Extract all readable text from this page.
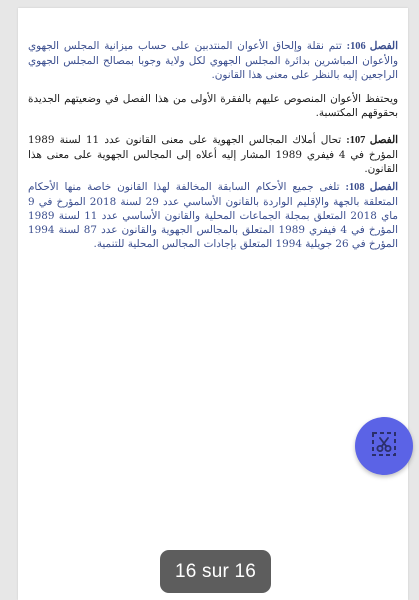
الفصل 106: تتم نقلة وإلحاق الأعوان المنتدبين على حساب ميزانية المجلس الجهوي والأعوان المباشرين بدائرة المجلس الجهوي لكل ولاية وجوبا بمصالح المجلس الجهوي الراجعين إليه بالنظر على معنى هذا القانون.
ويحتفظ الأعوان المنصوص عليهم بالفقرة الأولى من هذا الفصل في وضعيتهم الجديدة بحقوقهم المكتسبة.
الفصل 107: تحال أملاك المجالس الجهوية على معنى القانون عدد 11 لسنة 1989 المؤرخ في 4 فيفري 1989 المشار إليه أعلاه إلى المجالس الجهوية على معنى هذا القانون.
الفصل 108: تلغى جميع الأحكام السابقة المخالفة لهذا القانون خاصة منها الأحكام المتعلقة بالجهة والإقليم الواردة بالقانون الأساسي عدد 29 لسنة 2018 المؤرخ في 9 ماي 2018 المتعلق بمجلة الجماعات المحلية والقانون الأساسي عدد 11 لسنة 1989 المؤرخ في 4 فيفري 1989 المتعلق بالمجالس الجهوية والقانون عدد 87 لسنة 1994 المؤرخ في 26 جويلية 1994 المتعلق بإجادات المجالس المحلية للتنمية.
16 sur 16
